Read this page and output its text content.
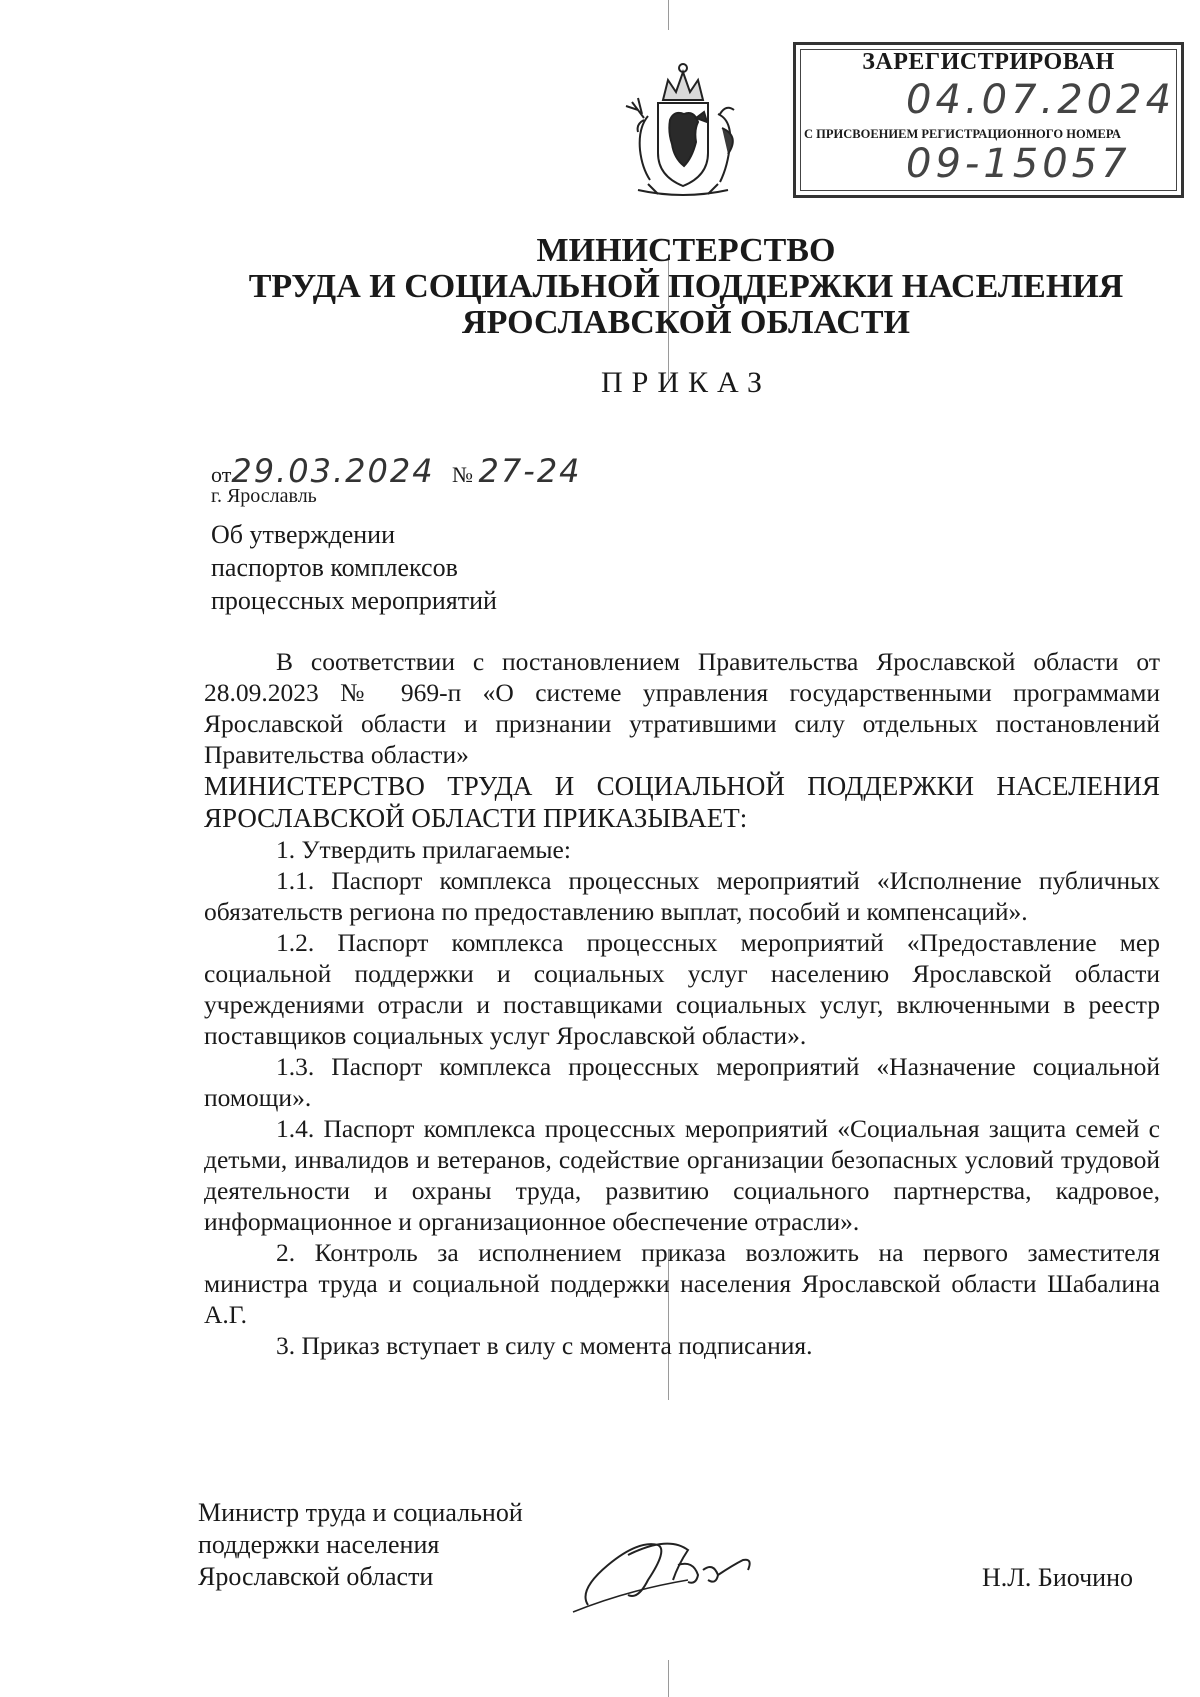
ЗАРЕГИСТРИРОВАН
04.07.2024
С ПРИСВОЕНИЕМ РЕГИСТРАЦИОННОГО НОМЕРА
09-15057
МИНИСТЕРСТВО
ТРУДА И СОЦИАЛЬНОЙ ПОДДЕРЖКИ НАСЕЛЕНИЯ
ЯРОСЛАВСКОЙ ОБЛАСТИ
ПРИКАЗ
от29.03.2024 № 27-24
г. Ярославль
Об утверждении
паспортов комплексов
процессных мероприятий

В соответствии с постановлением Правительства Ярославской области от 28.09.2023 № 969-п «О системе управления государственными программами Ярославской области и признании утратившими силу отдельных постановлений Правительства области»

МИНИСТЕРСТВО ТРУДА И СОЦИАЛЬНОЙ ПОДДЕРЖКИ НАСЕЛЕНИЯ ЯРОСЛАВСКОЙ ОБЛАСТИ ПРИКАЗЫВАЕТ:

1. Утвердить прилагаемые:

1.1. Паспорт комплекса процессных мероприятий «Исполнение публичных обязательств региона по предоставлению выплат, пособий и компенсаций».

1.2. Паспорт комплекса процессных мероприятий «Предоставление мер социальной поддержки и социальных услуг населению Ярославской области учреждениями отрасли и поставщиками социальных услуг, включенными в реестр поставщиков социальных услуг Ярославской области».

1.3. Паспорт комплекса процессных мероприятий «Назначение социальной помощи».

1.4. Паспорт комплекса процессных мероприятий «Социальная защита семей с детьми, инвалидов и ветеранов, содействие организации безопасных условий трудовой деятельности и охраны труда, развитию социального партнерства, кадровое, информационное и организационное обеспечение отрасли».

2. Контроль за исполнением приказа возложить на первого заместителя министра труда и социальной поддержки населения Ярославской области Шабалина А.Г.

3. Приказ вступает в силу с момента подписания.

Министр труда и социальной
поддержки населения
Ярославской области	Н.Л. Биочино
